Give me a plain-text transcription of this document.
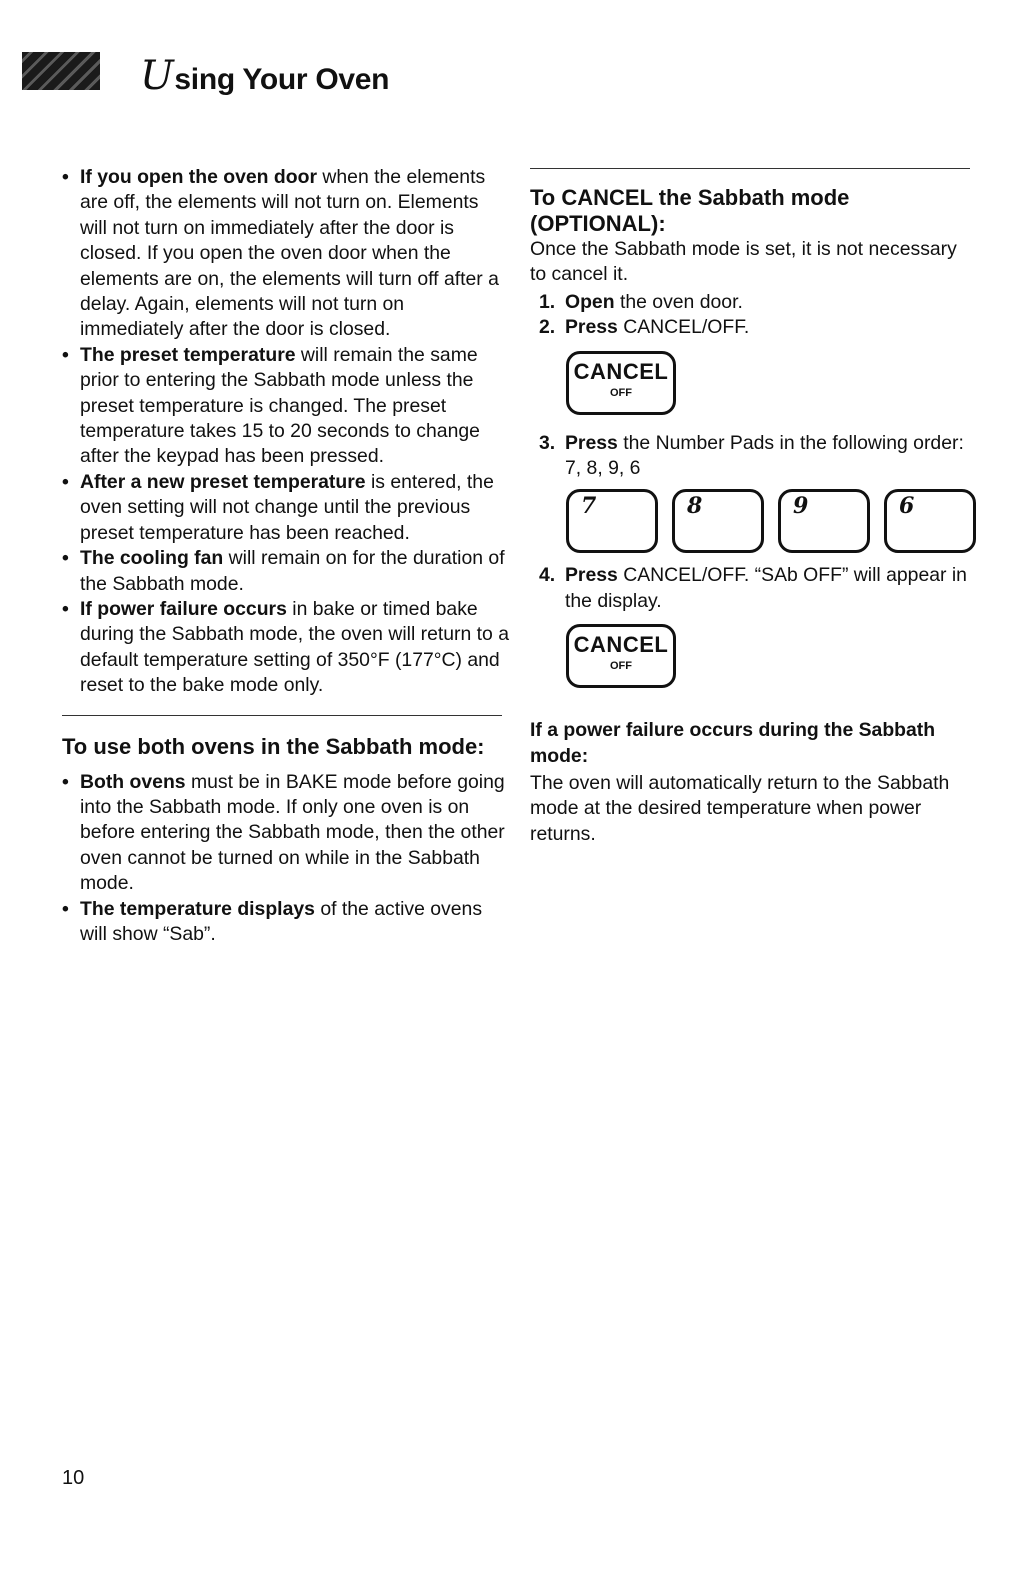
Using Your Oven
• If you open the oven door when the elements are off, the elements will not turn on. Elements will not turn on immediately after the door is closed. If you open the oven door when the elements are on, the elements will turn off after a delay. Again, elements will not turn on immediately after the door is closed.
• The preset temperature will remain the same prior to entering the Sabbath mode unless the preset temperature is changed. The preset temperature takes 15 to 20 seconds to change after the keypad has been pressed.
• After a new preset temperature is entered, the oven setting will not change until the previous preset temperature has been reached.
• The cooling fan will remain on for the duration of the Sabbath mode.
• If power failure occurs in bake or timed bake during the Sabbath mode, the oven will return to a default temperature setting of 350°F (177°C) and reset to the bake mode only.
To use both ovens in the Sabbath mode:
• Both ovens must be in BAKE mode before going into the Sabbath mode. If only one oven is on before entering the Sabbath mode, then the other oven cannot be turned on while in the Sabbath mode.
• The temperature displays of the active ovens will show “Sab”.
To CANCEL the Sabbath mode (OPTIONAL):

Once the Sabbath mode is set, it is not necessary to cancel it.

1. Open the oven door.
2. Press CANCEL/OFF.
CANCEL
OFF
3. Press the Number Pads in the following order: 7, 8, 9, 6
7	8	9	6
4. Press CANCEL/OFF. “SAb OFF” will appear in the display.
CANCEL
OFF
If a power failure occurs during the Sabbath mode:

The oven will automatically return to the Sabbath mode at the desired temperature when power returns.

10
